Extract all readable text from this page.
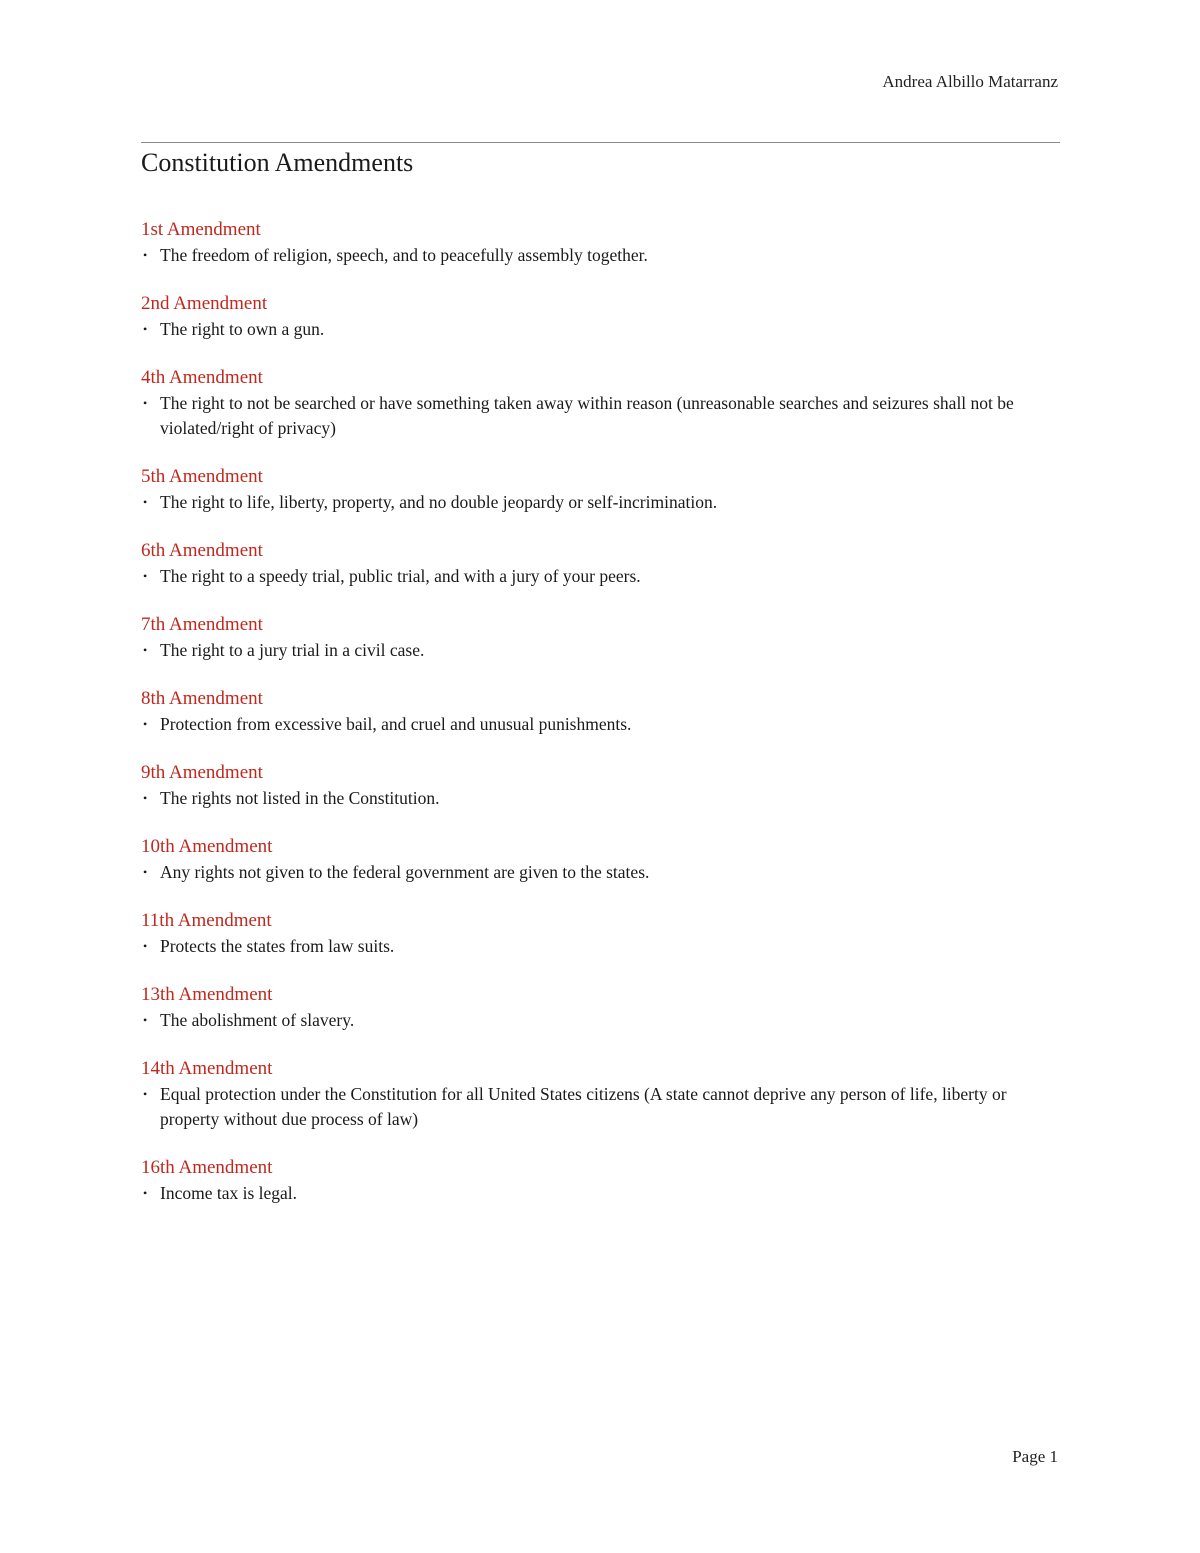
Andrea Albillo Matarranz
Constitution Amendments
1st Amendment
• The freedom of religion, speech, and to peacefully assembly together.
2nd Amendment
• The right to own a gun.
4th Amendment
• The right to not be searched or have something taken away within reason (unreasonable searches and seizures shall not be violated/right of privacy)
5th Amendment
• The right to life, liberty, property, and no double jeopardy or self-incrimination.
6th Amendment
• The right to a speedy trial, public trial, and with a jury of your peers.
7th Amendment
• The right to a jury trial in a civil case.
8th Amendment
• Protection from excessive bail, and cruel and unusual punishments.
9th Amendment
• The rights not listed in the Constitution.
10th Amendment
• Any rights not given to the federal government are given to the states.
11th Amendment
• Protects the states from law suits.
13th Amendment
• The abolishment of slavery.
14th Amendment
• Equal protection under the Constitution for all United States citizens (A state cannot deprive any person of life, liberty or property without due process of law)
16th Amendment
• Income tax is legal.
Page 1
